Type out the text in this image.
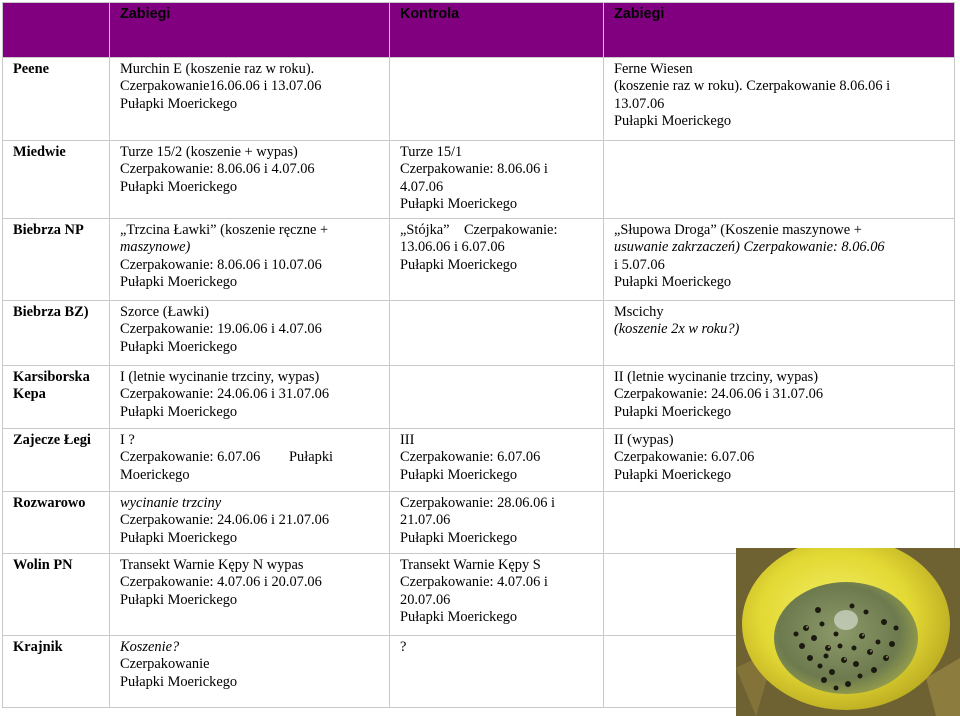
	Zabiegi	Kontrola	Zabiegi
Peene	Murchin E (koszenie raz w roku).
Czerpakowanie16.06.06 i 13.07.06
Pułapki Moerickego		Ferne Wiesen
(koszenie raz w roku). Czerpakowanie 8.06.06 i
13.07.06
Pułapki Moerickego

Miedwie	Turze 15/2 (koszenie + wypas)
Czerpakowanie: 8.06.06 i 4.07.06
Pułapki Moerickego	Turze 15/1
Czerpakowanie: 8.06.06 i
4.07.06
Pułapki Moerickego	

Biebrza NP	„Trzcina Ławki” (koszenie ręczne +
maszynowe)
Czerpakowanie: 8.06.06 i 10.07.06
Pułapki Moerickego	„Stójka”    Czerpakowanie:
13.06.06 i 6.07.06
Pułapki Moerickego	„Słupowa Droga” (Koszenie maszynowe +
usuwanie zakrzaczeń) Czerpakowanie: 8.06.06
i 5.07.06
Pułapki Moerickego

Biebrza BZ)	Szorce (Ławki)
Czerpakowanie: 19.06.06 i 4.07.06
Pułapki Moerickego		Mscichy
(koszenie 2x w roku?)

Karsiborska Kepa	I (letnie wycinanie trzciny, wypas)
Czerpakowanie: 24.06.06 i 31.07.06
Pułapki Moerickego		II (letnie wycinanie trzciny, wypas)
Czerpakowanie: 24.06.06 i 31.07.06
Pułapki Moerickego

Zajecze Łegi	I ?
Czerpakowanie: 6.07.06        Pułapki
Moerickego	III
Czerpakowanie: 6.07.06
Pułapki Moerickego	II (wypas)
Czerpakowanie: 6.07.06
Pułapki Moerickego

Rozwarowo	wycinanie trzciny
Czerpakowanie: 24.06.06 i 21.07.06
Pułapki Moerickego	Czerpakowanie: 28.06.06 i
21.07.06
Pułapki Moerickego	

Wolin PN	Transekt Warnie Kępy N wypas
Czerpakowanie: 4.07.06 i 20.07.06
Pułapki Moerickego	Transekt Warnie Kępy S
Czerpakowanie: 4.07.06 i
20.07.06
Pułapki Moerickego	

Krajnik	Koszenie?
Czerpakowanie
Pułapki Moerickego	?	
